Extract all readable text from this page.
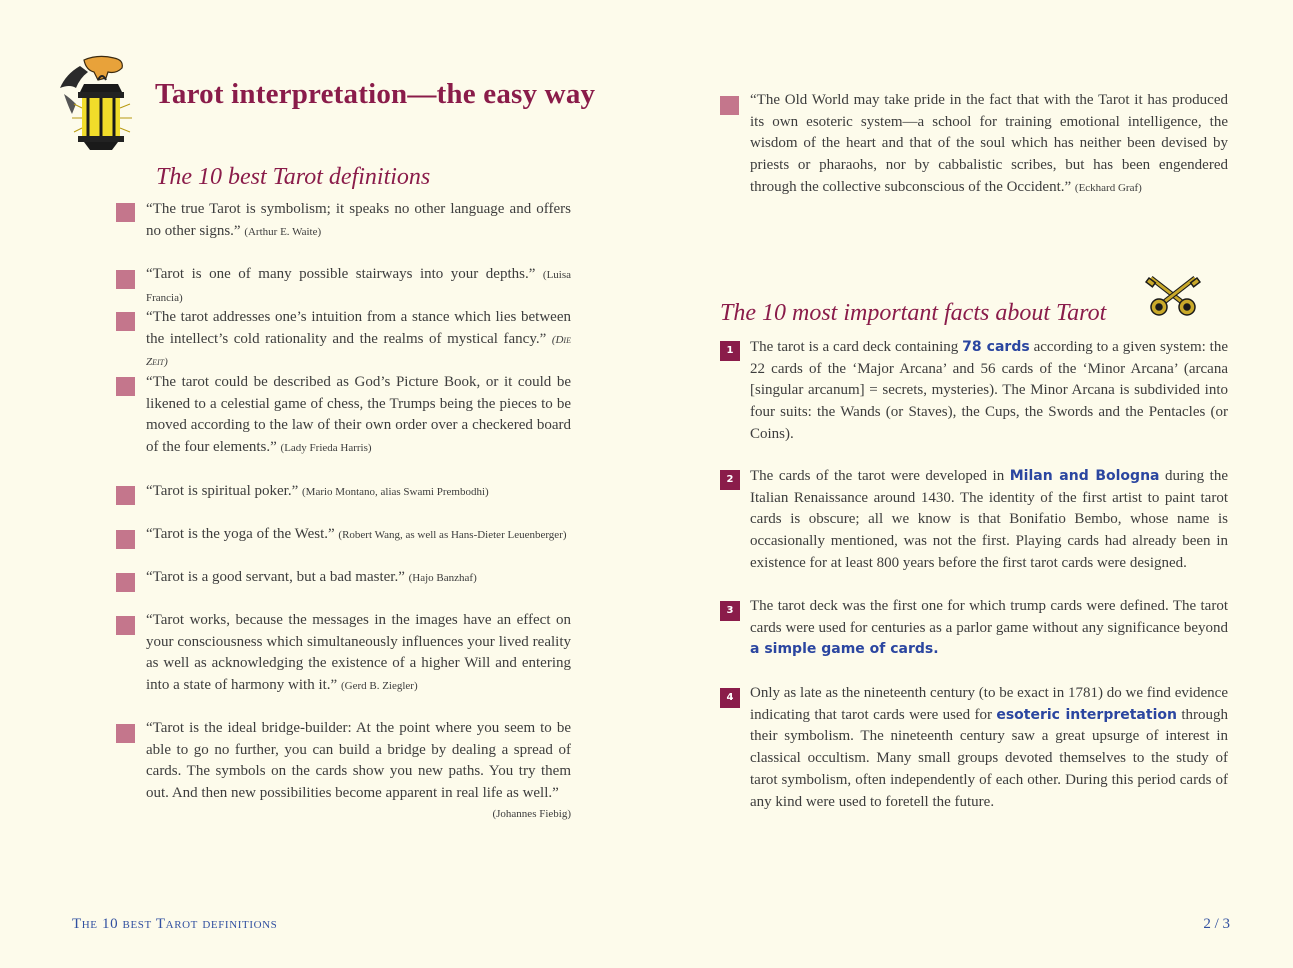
Tarot interpretation—the easy way
The 10 best Tarot definitions

“The true Tarot is symbolism; it speaks no other language and offers no other signs.” (Arthur E. Waite)

“Tarot is one of many possible stairways into your depths.” (Luisa Francia)

“The tarot addresses one’s intuition from a stance which lies between the intellect’s cold rationality and the realms of mystical fancy.” (Die Zeit)

“The tarot could be described as God’s Picture Book, or it could be likened to a celestial game of chess, the Trumps being the pieces to be moved according to the law of their own order over a checkered board of the four elements.” (Lady Frieda Harris)

“Tarot is spiritual poker.” (Mario Montano, alias Swami Prembodhi)

“Tarot is the yoga of the West.” (Robert Wang, as well as Hans-Dieter Leuenberger)

“Tarot is a good servant, but a bad master.” (Hajo Banzhaf)

“Tarot works, because the messages in the images have an effect on your consciousness which simultaneously influences your lived reality as well as acknowledging the existence of a higher Will and entering into a state of harmony with it.” (Gerd B. Ziegler)

“Tarot is the ideal bridge-builder: At the point where you seem to be able to go no further, you can build a bridge by dealing a spread of cards. The symbols on the cards show you new paths. You try them out. And then new possibilities become apparent in real life as well.”

(Johannes Fiebig)

“The Old World may take pride in the fact that with the Tarot it has produced its own esoteric system—a school for training emotional intelligence, the wisdom of the heart and that of the soul which has neither been devised by priests or pharaohs, nor by cabbalistic scribes, but has been engendered through the collective subconscious of the Occident.” (Eckhard Graf)

The 10 most important facts about Tarot
1	The tarot is a card deck containing 78 cards according to a given system: the 22 cards of the ‘Major Arcana’ and 56 cards of the ‘Minor Arcana’ (arcana [singular arcanum] = secrets, mysteries). The Minor Arcana is subdivided into four suits: the Wands (or Staves), the Cups, the Swords and the Pentacles (or Coins).

2	The cards of the tarot were developed in Milan and Bologna during the Italian Renaissance around 1430. The identity of the first artist to paint tarot cards is obscure; all we know is that Bonifatio Bembo, whose name is occasionally mentioned, was not the first. Playing cards had already been in existence for at least 800 years before the first tarot cards were designed.

3	The tarot deck was the first one for which trump cards were defined. The tarot cards were used for centuries as a parlor game without any significance beyond a simple game of cards.

4	Only as late as the nineteenth century (to be exact in 1781) do we find evidence indicating that tarot cards were used for esoteric interpretation through their symbolism. The nineteenth century saw a great upsurge of interest in classical occultism. Many small groups devoted themselves to the study of tarot symbolism, often independently of each other. During this period cards of any kind were used to foretell the future.

The 10 best Tarot definitions	2 / 3
